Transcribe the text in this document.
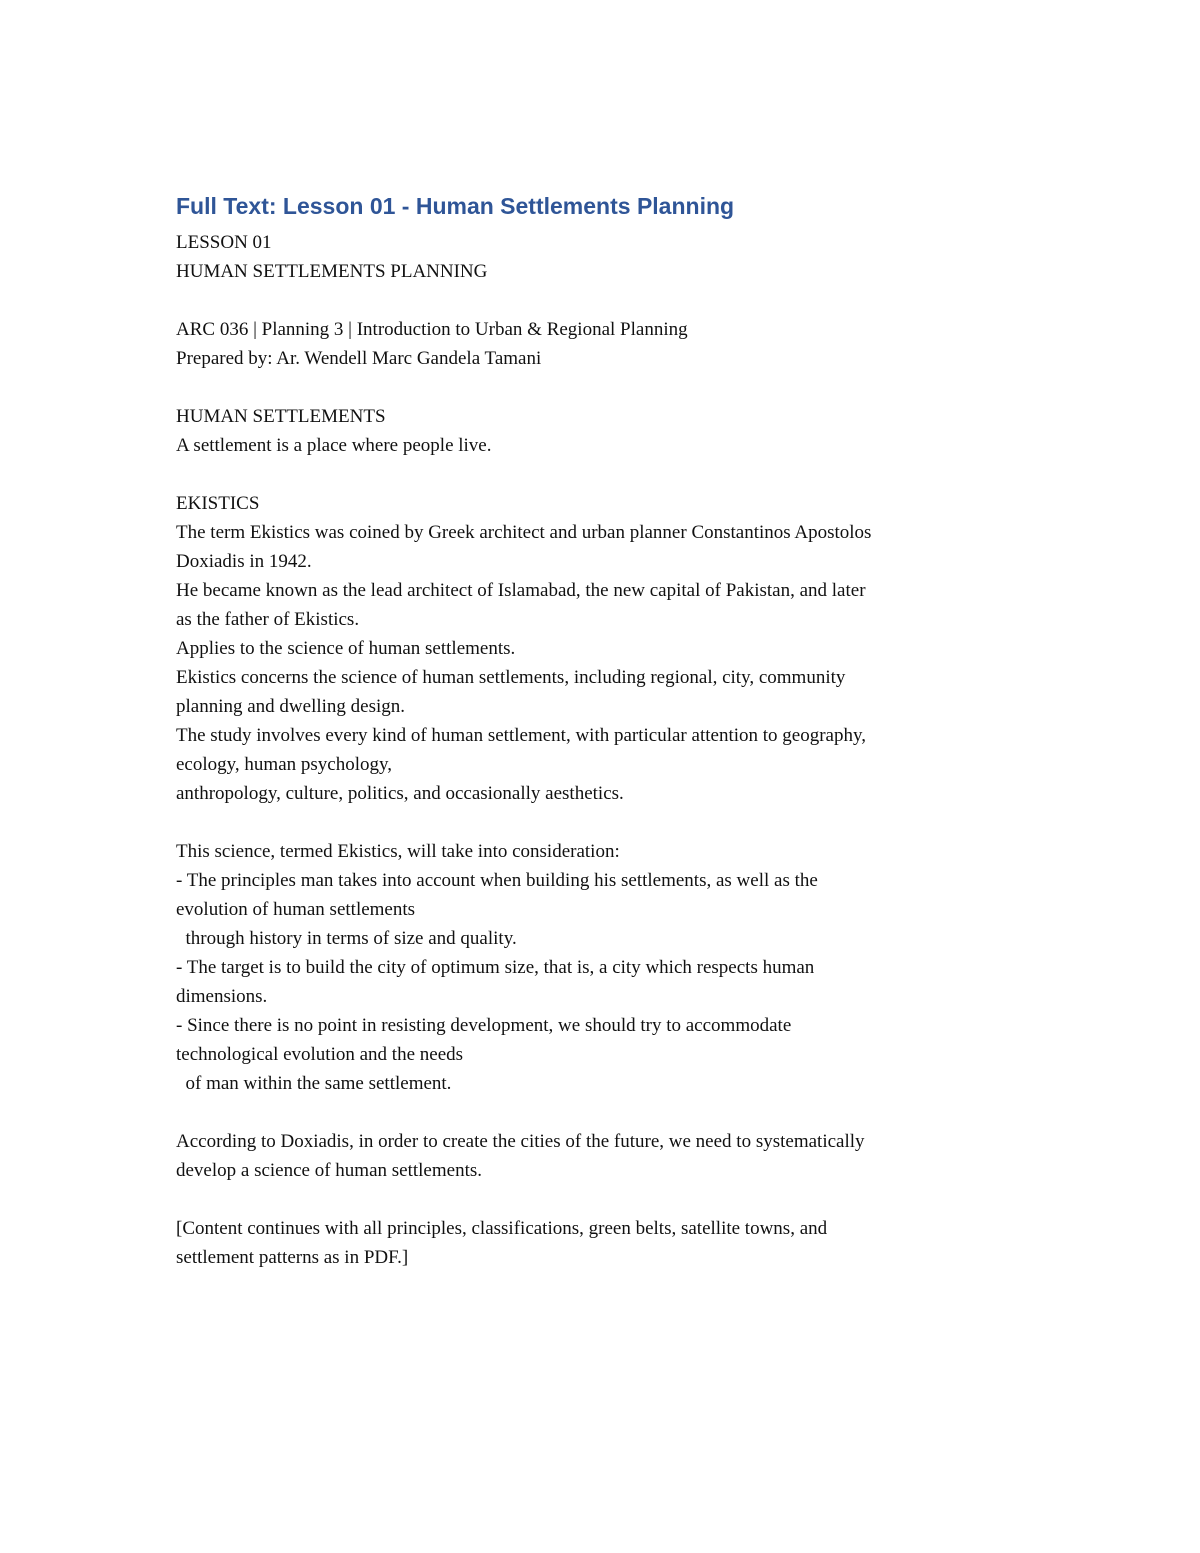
Full Text: Lesson 01 - Human Settlements Planning
LESSON 01
HUMAN SETTLEMENTS PLANNING
ARC 036 | Planning 3 | Introduction to Urban & Regional Planning
Prepared by: Ar. Wendell Marc Gandela Tamani
HUMAN SETTLEMENTS
A settlement is a place where people live.
EKISTICS
The term Ekistics was coined by Greek architect and urban planner Constantinos Apostolos
Doxiadis in 1942.
He became known as the lead architect of Islamabad, the new capital of Pakistan, and later
as the father of Ekistics.
Applies to the science of human settlements.
Ekistics concerns the science of human settlements, including regional, city, community
planning and dwelling design.
The study involves every kind of human settlement, with particular attention to geography,
ecology, human psychology,
anthropology, culture, politics, and occasionally aesthetics.
This science, termed Ekistics, will take into consideration:
- The principles man takes into account when building his settlements, as well as the
evolution of human settlements
through history in terms of size and quality.
- The target is to build the city of optimum size, that is, a city which respects human
dimensions.
- Since there is no point in resisting development, we should try to accommodate
technological evolution and the needs
of man within the same settlement.
According to Doxiadis, in order to create the cities of the future, we need to systematically
develop a science of human settlements.
[Content continues with all principles, classifications, green belts, satellite towns, and
settlement patterns as in PDF.]
